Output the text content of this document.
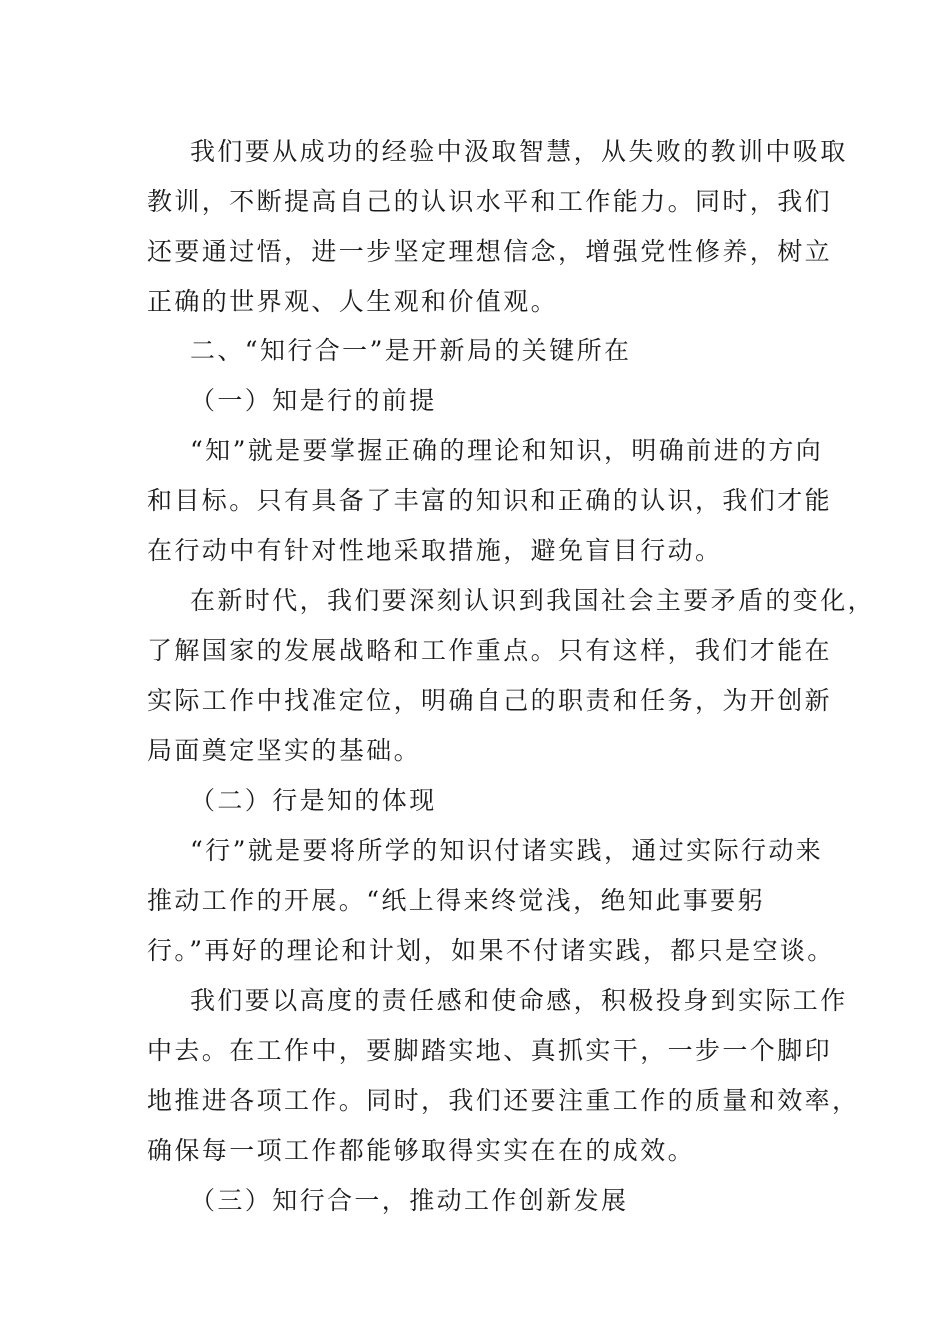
我们要从成功的经验中汲取智慧，从失败的教训中吸取
教训，不断提高自己的认识水平和工作能力。同时，我们
还要通过悟，进一步坚定理想信念，增强党性修养，树立
正确的世界观、人生观和价值观。
二、“知行合一”是开新局的关键所在
（一）知是行的前提
“知”就是要掌握正确的理论和知识，明确前进的方向
和目标。只有具备了丰富的知识和正确的认识，我们才能
在行动中有针对性地采取措施，避免盲目行动。
在新时代，我们要深刻认识到我国社会主要矛盾的变化，
了解国家的发展战略和工作重点。只有这样，我们才能在
实际工作中找准定位，明确自己的职责和任务，为开创新
局面奠定坚实的基础。
（二）行是知的体现
“行”就是要将所学的知识付诸实践，通过实际行动来
推动工作的开展。“纸上得来终觉浅，绝知此事要躬
行。”再好的理论和计划，如果不付诸实践，都只是空谈。
我们要以高度的责任感和使命感，积极投身到实际工作
中去。在工作中，要脚踏实地、真抓实干，一步一个脚印
地推进各项工作。同时，我们还要注重工作的质量和效率，
确保每一项工作都能够取得实实在在的成效。
（三）知行合一，推动工作创新发展
